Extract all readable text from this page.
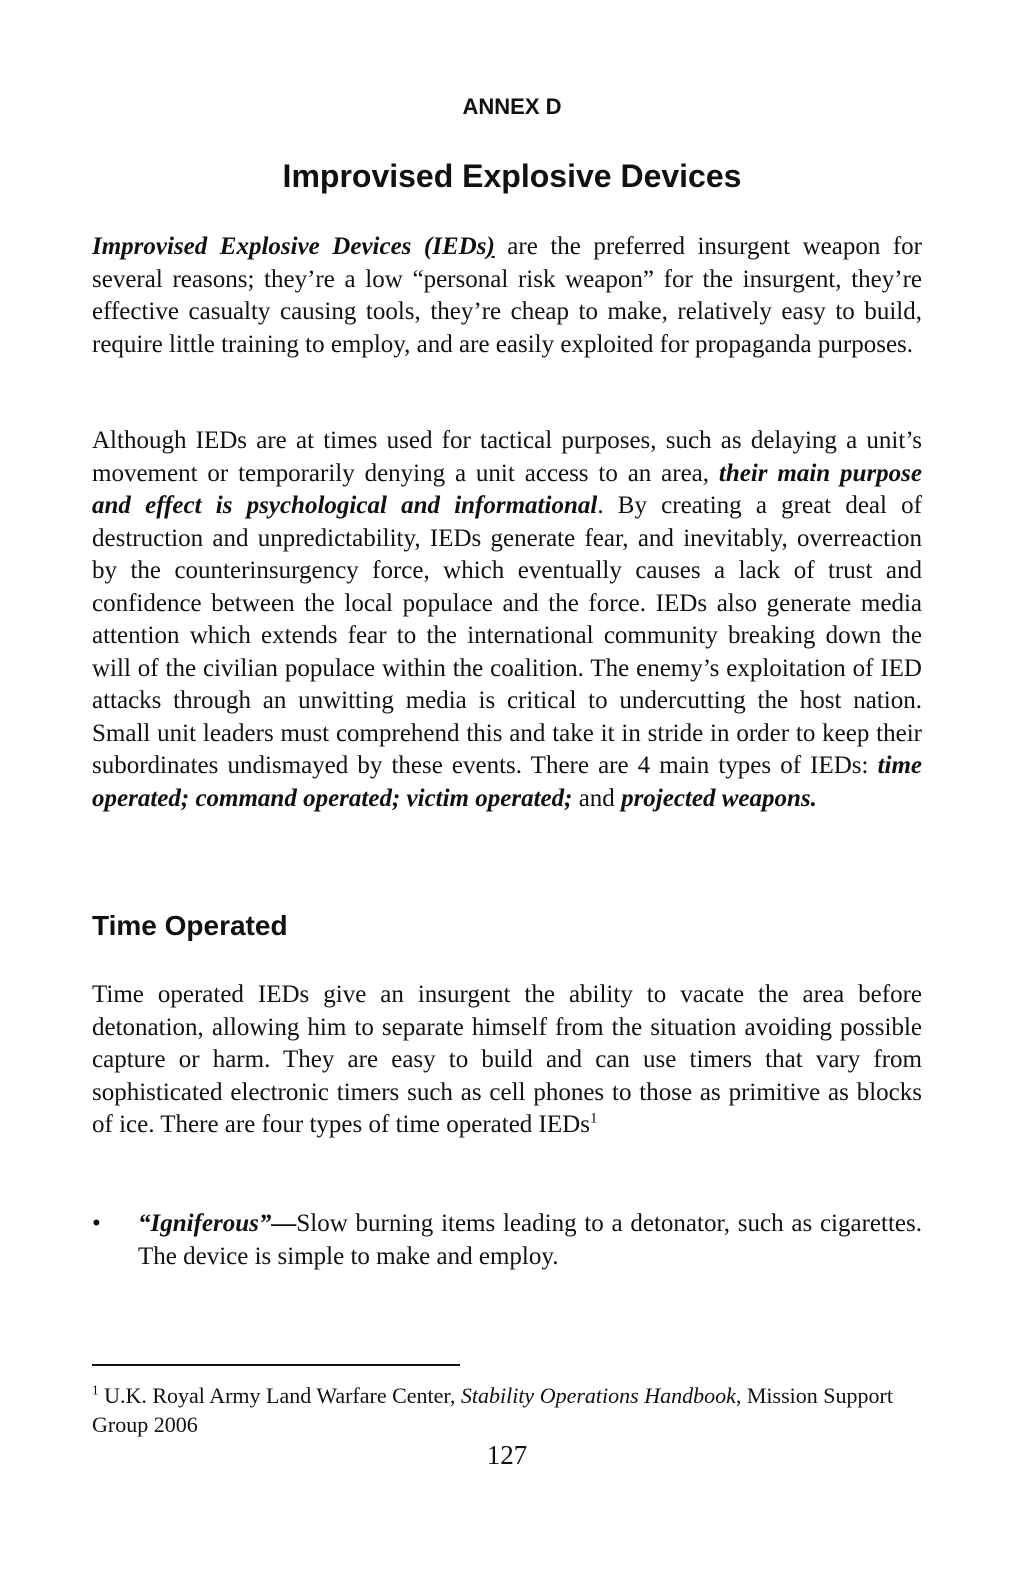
ANNEX D
Improvised Explosive Devices

Improvised Explosive Devices (IEDs) are the preferred insurgent weapon for several reasons; they’re a low “personal risk weapon” for the insurgent, they’re effective casualty causing tools, they’re cheap to make, relatively easy to build, require little training to employ, and are easily exploited for propaganda purposes.

Although IEDs are at times used for tactical purposes, such as delaying a unit’s movement or temporarily denying a unit access to an area, their main purpose and effect is psychological and informational. By creating a great deal of destruction and unpredictability, IEDs generate fear, and inevitably, overreaction by the counterinsurgency force, which eventually causes a lack of trust and confidence between the local populace and the force. IEDs also generate media attention which extends fear to the international community breaking down the will of the civilian populace within the coalition. The enemy’s exploitation of IED attacks through an unwitting media is critical to undercutting the host nation. Small unit leaders must comprehend this and take it in stride in order to keep their subordinates undismayed by these events. There are 4 main types of IEDs: time operated; command operated; victim operated; and projected weapons.

Time Operated

Time operated IEDs give an insurgent the ability to vacate the area before detonation, allowing him to separate himself from the situation avoiding possible capture or harm. They are easy to build and can use timers that vary from sophisticated electronic timers such as cell phones to those as primitive as blocks of ice. There are four types of time operated IEDs$^1$

•	“Igniferous”—Slow burning items leading to a detonator, such as cigarettes. The device is simple to make and employ.
$^1$ U.K. Royal Army Land Warfare Center, Stability Operations Handbook, Mission Support Group 2006
127
